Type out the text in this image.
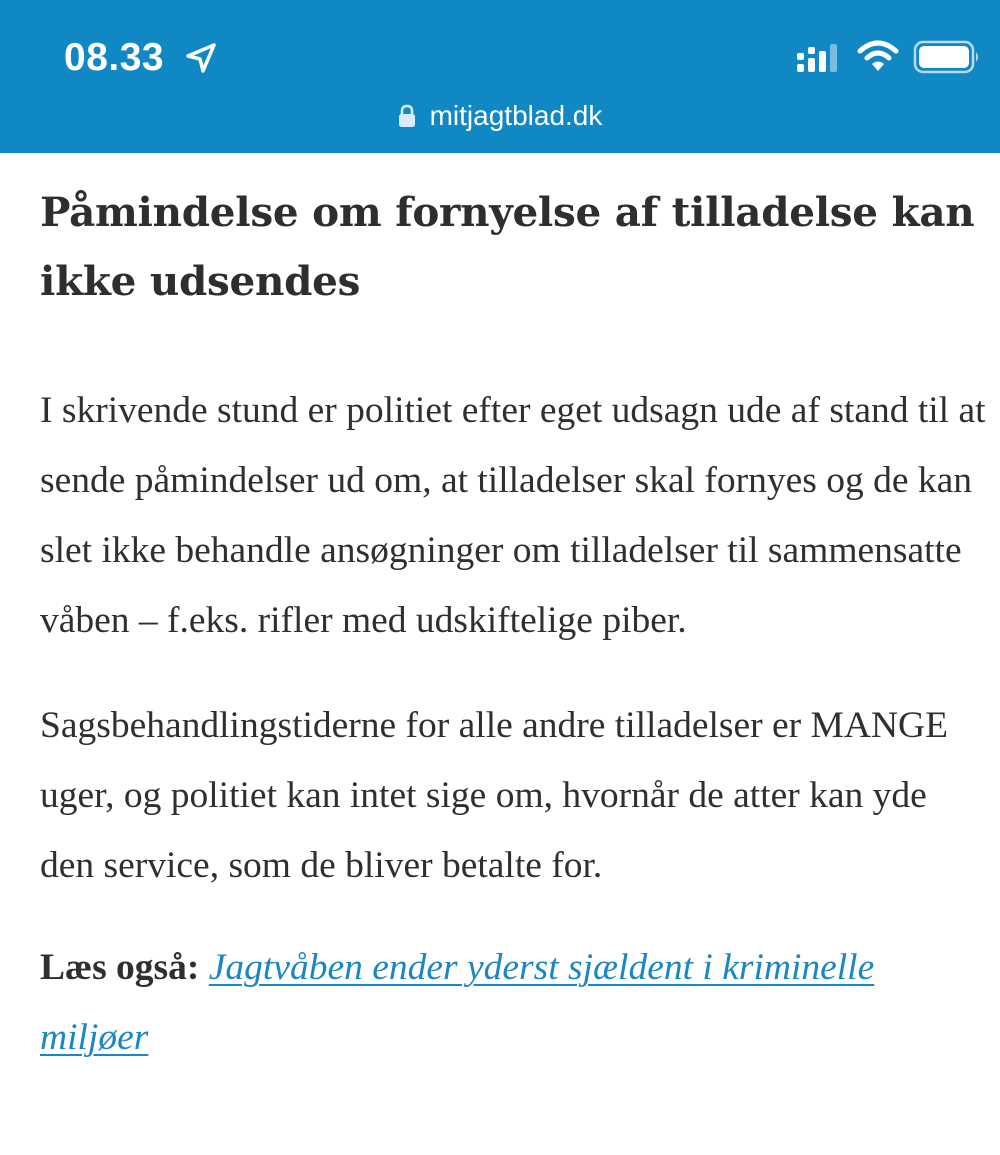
08.33
mitjagtblad.dk
Påmindelse om fornyelse af tilladelse kan ikke udsendes

I skrivende stund er politiet efter eget udsagn ude af stand til at sende påmindelser ud om, at tilladelser skal fornyes og de kan slet ikke behandle ansøgninger om tilladelser til sammensatte våben – f.eks. rifler med udskiftelige piber.

Sagsbehandlingstiderne for alle andre tilladelser er MANGE uger, og politiet kan intet sige om, hvornår de atter kan yde den service, som de bliver betalte for.

Læs også: Jagtvåben ender yderst sjældent i kriminelle miljøer
